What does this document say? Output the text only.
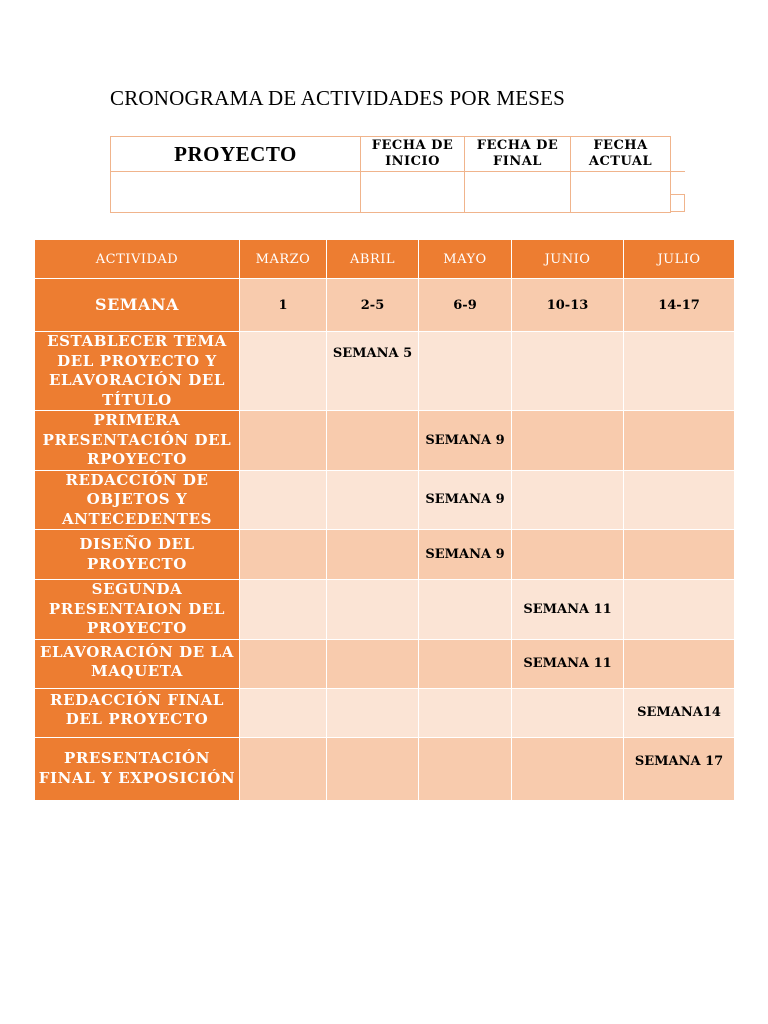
CRONOGRAMA DE ACTIVIDADES POR MESES
PROYECTO	FECHA DE INICIO	FECHA DE FINAL	FECHA ACTUAL

ACTIVIDAD	MARZO	ABRIL	MAYO	JUNIO	JULIO
SEMANA	1	2-5	6-9	10-13	14-17
ESTABLECER TEMA DEL PROYECTO Y ELAVORACIÓN DEL TÍTULO		SEMANA 5			
PRIMERA PRESENTACIÓN DEL RPOYECTO			SEMANA 9		
REDACCIÓN DE OBJETOS Y ANTECEDENTES			SEMANA 9		
DISEÑO DEL PROYECTO			SEMANA 9		
SEGUNDA PRESENTAION DEL PROYECTO				SEMANA 11	
ELAVORACIÓN DE LA MAQUETA				SEMANA 11	
REDACCIÓN FINAL DEL PROYECTO					SEMANA14
PRESENTACIÓN FINAL Y EXPOSICIÓN					SEMANA 17
